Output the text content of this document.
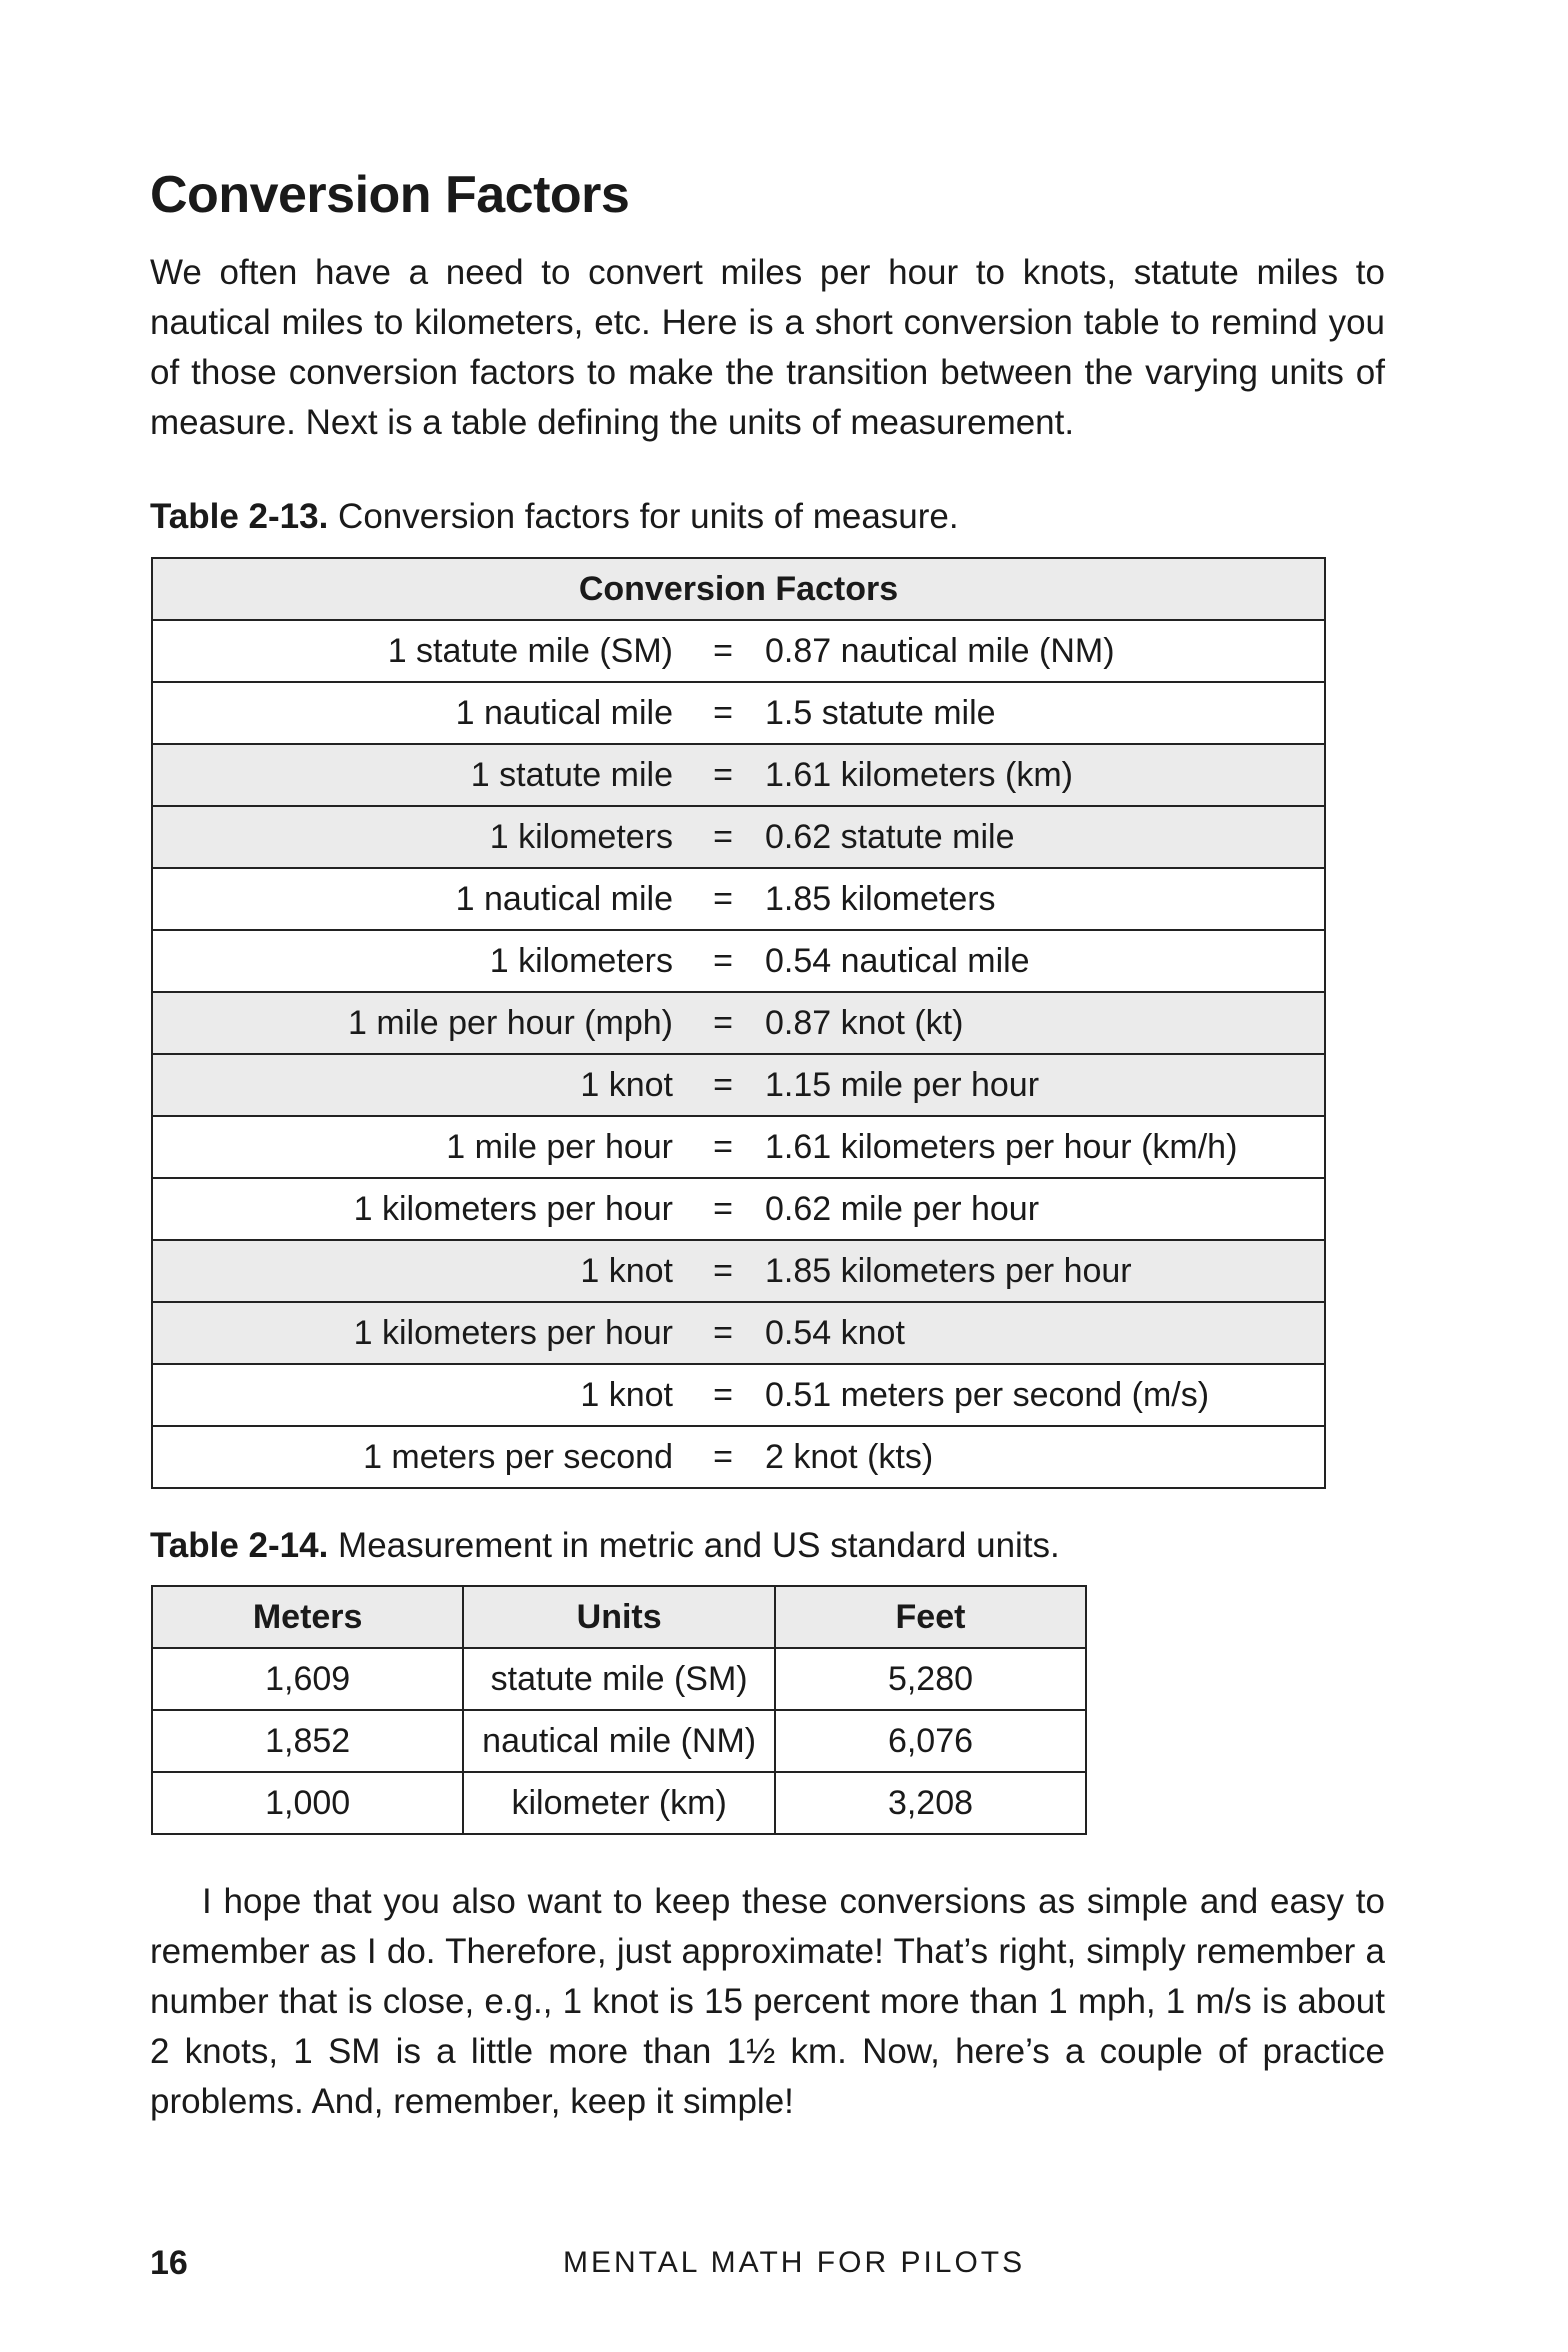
Conversion Factors

We often have a need to convert miles per hour to knots, statute miles to nautical miles to kilometers, etc. Here is a short conversion table to remind you of those conversion factors to make the transition between the varying units of measure. Next is a table defining the units of measurement.

Table 2-13. Conversion factors for units of measure.

Conversion Factors		
1 statute mile (SM)	=	0.87 nautical mile (NM)
1 nautical mile	=	1.5 statute mile
1 statute mile	=	1.61 kilometers (km)
1 kilometers	=	0.62 statute mile
1 nautical mile	=	1.85 kilometers
1 kilometers	=	0.54 nautical mile
1 mile per hour (mph)	=	0.87 knot (kt)
1 knot	=	1.15 mile per hour
1 mile per hour	=	1.61 kilometers per hour (km/h)
1 kilometers per hour	=	0.62 mile per hour
1 knot	=	1.85 kilometers per hour
1 kilometers per hour	=	0.54 knot
1 knot	=	0.51 meters per second (m/s)
1 meters per second	=	2 knot (kts)

Table 2-14. Measurement in metric and US standard units.

Meters	Units	Feet
1,609	statute mile (SM)	5,280
1,852	nautical mile (NM)	6,076
1,000	kilometer (km)	3,208

I hope that you also want to keep these conversions as simple and easy to remember as I do. Therefore, just approximate! That’s right, simply remember a number that is close, e.g., 1 knot is 15 percent more than 1 mph, 1 m/s is about 2 knots, 1 SM is a little more than 1½ km. Now, here’s a couple of practice problems. And, remember, keep it simple!

16	MENTAL MATH FOR PILOTS
